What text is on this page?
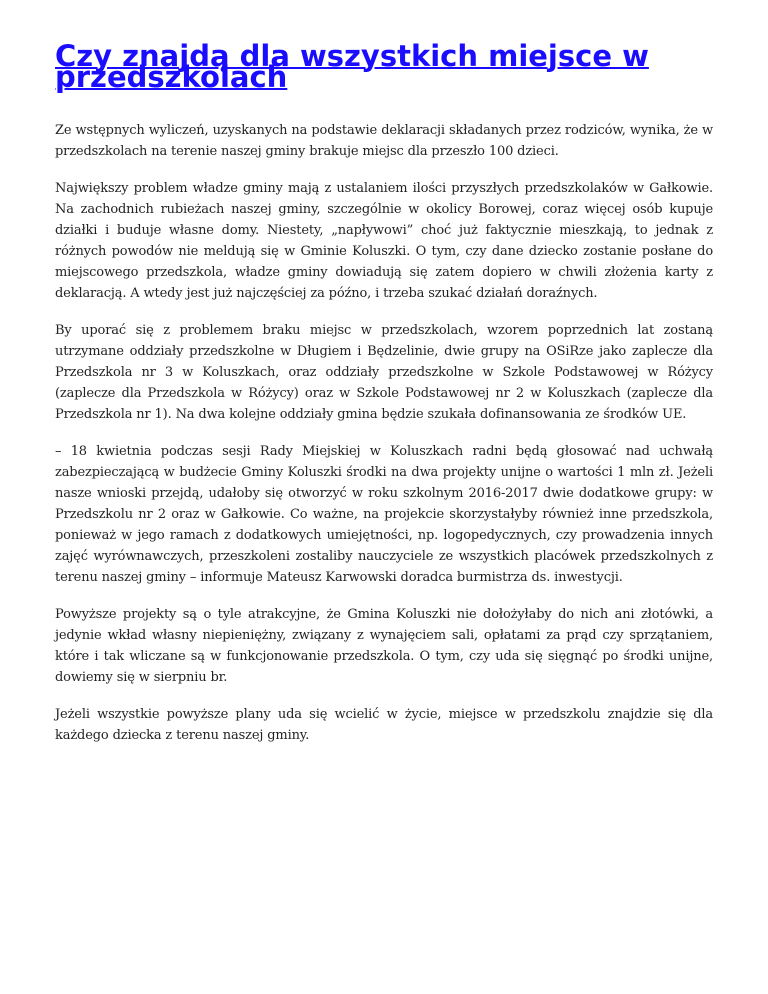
Czy znajdą dla wszystkich miejsce w przedszkolach

Ze wstępnych wyliczeń, uzyskanych na podstawie deklaracji składanych przez rodziców, wynika, że w przedszkolach na terenie naszej gminy brakuje miejsc dla przeszło 100 dzieci.

Największy problem władze gminy mają z ustalaniem ilości przyszłych przedszkolaków w Gałkowie. Na zachodnich rubieżach naszej gminy, szczególnie w okolicy Borowej, coraz więcej osób kupuje działki i buduje własne domy. Niestety, „napływowi” choć już faktycznie mieszkają, to jednak z różnych powodów nie meldują się w Gminie Koluszki. O tym, czy dane dziecko zostanie posłane do miejscowego przedszkola, władze gminy dowiadują się zatem dopiero w chwili złożenia karty z deklaracją. A wtedy jest już najczęściej za późno, i trzeba szukać działań doraźnych.

By uporać się z problemem braku miejsc w przedszkolach, wzorem poprzednich lat zostaną utrzymane oddziały przedszkolne w Długiem i Będzelinie, dwie grupy na OSiRze jako zaplecze dla Przedszkola nr 3 w Koluszkach, oraz oddziały przedszkolne w Szkole Podstawowej w Różycy (zaplecze dla Przedszkola w Różycy) oraz w Szkole Podstawowej nr 2 w Koluszkach (zaplecze dla Przedszkola nr 1). Na dwa kolejne oddziały gmina będzie szukała dofinansowania ze środków UE.

– 18 kwietnia podczas sesji Rady Miejskiej w Koluszkach radni będą głosować nad uchwałą zabezpieczającą w budżecie Gminy Koluszki środki na dwa projekty unijne o wartości 1 mln zł. Jeżeli nasze wnioski przejdą, udałoby się otworzyć w roku szkolnym 2016-2017 dwie dodatkowe grupy: w Przedszkolu nr 2 oraz w Gałkowie. Co ważne, na projekcie skorzystałyby również inne przedszkola, ponieważ w jego ramach z dodatkowych umiejętności, np. logopedycznych, czy prowadzenia innych zajęć wyrównawczych, przeszkoleni zostaliby nauczyciele ze wszystkich placówek przedszkolnych z terenu naszej gminy – informuje Mateusz Karwowski doradca burmistrza ds. inwestycji.

Powyższe projekty są o tyle atrakcyjne, że Gmina Koluszki nie dołożyłaby do nich ani złotówki, a jedynie wkład własny niepieniężny, związany z wynajęciem sali, opłatami za prąd czy sprzątaniem, które i tak wliczane są w funkcjonowanie przedszkola. O tym, czy uda się sięgnąć po środki unijne, dowiemy się w sierpniu br.

Jeżeli wszystkie powyższe plany uda się wcielić w życie, miejsce w przedszkolu znajdzie się dla każdego dziecka z terenu naszej gminy.
